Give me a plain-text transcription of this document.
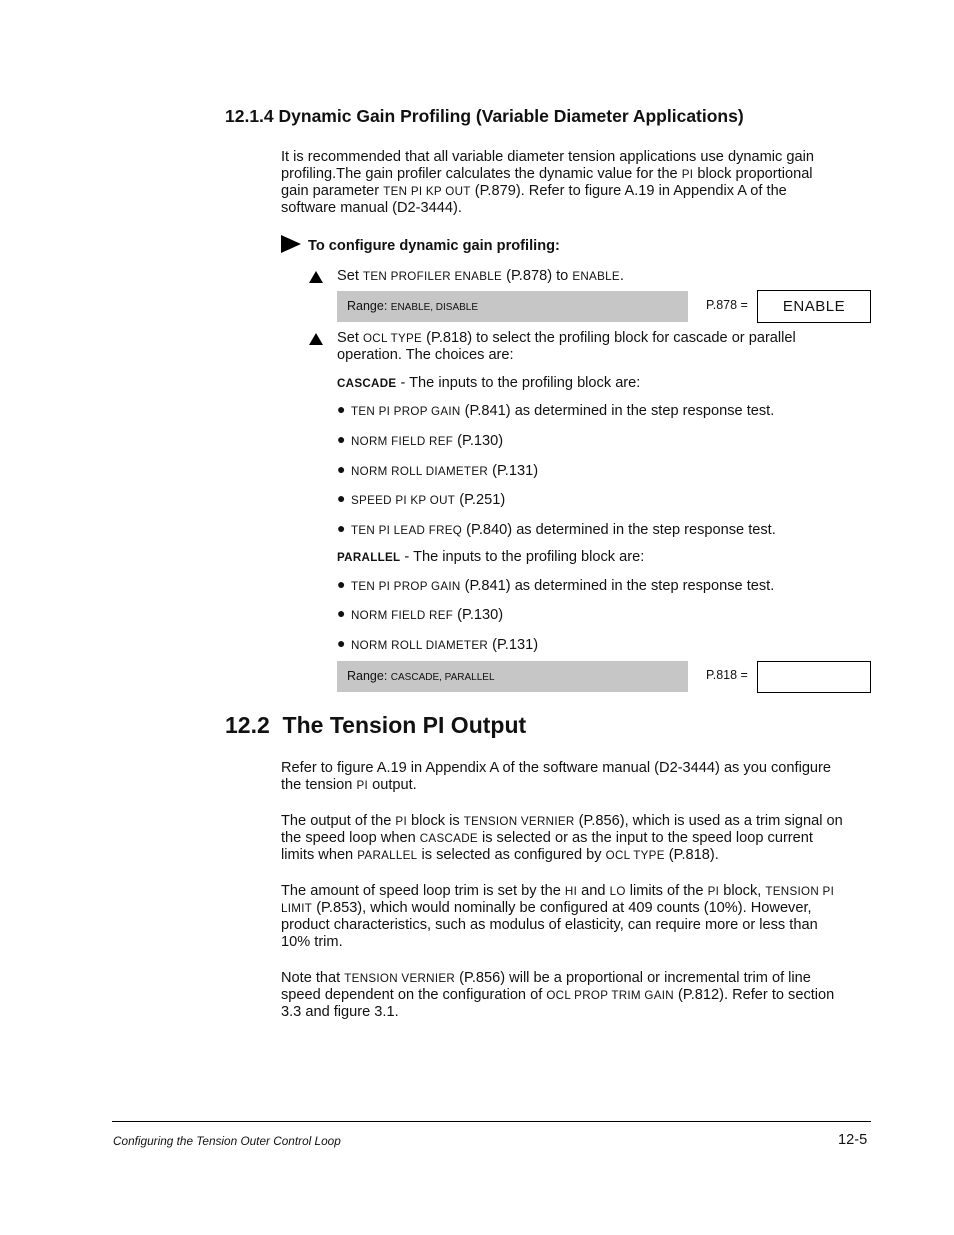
12.1.4 Dynamic Gain Profiling (Variable Diameter Applications)
It is recommended that all variable diameter tension applications use dynamic gain
profiling.The gain profiler calculates the dynamic value for the PI block proportional
gain parameter TEN PI KP OUT (P.879). Refer to figure A.19 in Appendix A of the
software manual (D2-3444).
To configure dynamic gain profiling:
Set TEN PROFILER ENABLE (P.878) to ENABLE.
Range: ENABLE, DISABLE	P.878 =	ENABLE
Set OCL TYPE (P.818) to select the profiling block for cascade or parallel
operation. The choices are:
CASCADE - The inputs to the profiling block are:
● TEN PI PROP GAIN (P.841) as determined in the step response test.
● NORM FIELD REF (P.130)
● NORM ROLL DIAMETER (P.131)
● SPEED PI KP OUT (P.251)
● TEN PI LEAD FREQ (P.840) as determined in the step response test.
PARALLEL - The inputs to the profiling block are:
● TEN PI PROP GAIN (P.841) as determined in the step response test.
● NORM FIELD REF (P.130)
● NORM ROLL DIAMETER (P.131)
Range: CASCADE, PARALLEL	P.818 =
12.2  The Tension PI Output
Refer to figure A.19 in Appendix A of the software manual (D2-3444) as you configure
the tension PI output.
The output of the PI block is TENSION VERNIER (P.856), which is used as a trim signal on
the speed loop when CASCADE is selected or as the input to the speed loop current
limits when PARALLEL is selected as configured by OCL TYPE (P.818).
The amount of speed loop trim is set by the HI and LO limits of the PI block, TENSION PI
LIMIT (P.853), which would nominally be configured at 409 counts (10%). However,
product characteristics, such as modulus of elasticity, can require more or less than
10% trim.
Note that TENSION VERNIER (P.856) will be a proportional or incremental trim of line
speed dependent on the configuration of OCL PROP TRIM GAIN (P.812). Refer to section
3.3 and figure 3.1.
Configuring the Tension Outer Control Loop	12-5
